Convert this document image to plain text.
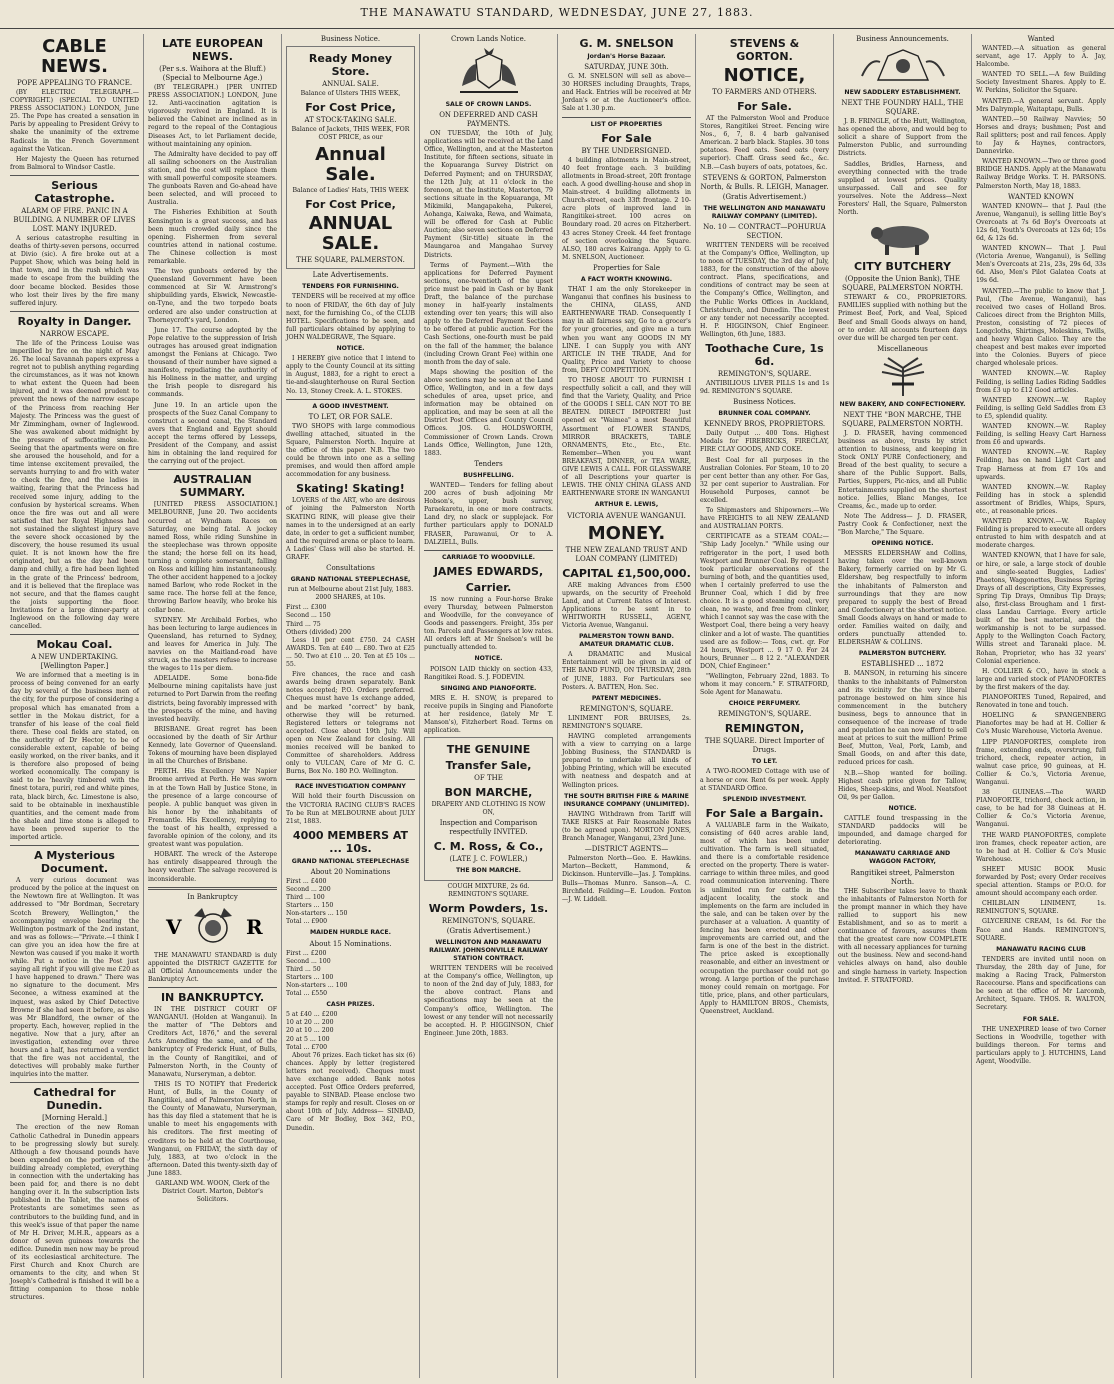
THE MANAWATU STANDARD, WEDNESDAY, JUNE 27, 1883.
CABLE NEWS.
POPE APPEALING TO FRANCE.

(BY ELECTRIC TELEGRAPH.—COPYRIGHT.) (SPECIAL TO UNITED PRESS ASSOCIATION.) LONDON, June 25. The Pope has created a sensation in Paris by appealing to President Grévy to shake the unanimity of the extreme Radicals in the French Government against the Vatican.

Her Majesty the Queen has returned from Balmoral to Windsor Castle.

Serious Catastrophe.
ALARM OF FIRE. PANIC IN A BUILDING. A NUMBER OF LIVES LOST. MANY INJURED.

A serious catastrophe resulting in deaths of thirty-seven persons, occurred at Divio (sic). A fire broke out at a Puppet Show, which was being held in that town, and in the rush which was made to escape from the building the door became blocked. Besides those who lost their lives by the fire many suffered injury.

Royalty in Danger.
NARROW ESCAPE.

The life of the Princess Louise was imperilled by fire on the night of May 26. The local Savannah papers express a regret not to publish anything regarding the circumstances, as it was not known to what extent the Queen had been injured, and it was deemed prudent to prevent the news of the narrow escape of the Princess from reaching Her Majesty. The Princess was the guest of Mr Zimmingham, owner of Inglewood. She was awakened about midnight by the pressure of suffocating smoke. Seeing that the apartments were on fire she aroused the household, and for a time intense excitement prevailed, the servants hurrying to and fro with water to check the fire, and the ladies in waiting, fearing that the Princess had received some injury, adding to the confusion by hysterical screams. When once the fire was out and all were satisfied that her Royal Highness had not sustained the slightest injury save the severe shock occasioned by the discovery, the house resumed its usual quiet. It is not known how the fire originated, but as the day had been damp and chilly, a fire had been lighted in the grate of the Princess' bedroom, and it is believed that the fireplace was not secure, and that the flames caught the joists supporting the floor. Invitations for a large dinner-party at Inglewood on the following day were cancelled.

Mokau Coal.
A NEW UNDERTAKING. [Wellington Paper.]

We are informed that a meeting is in process of being convened for an early day by several of the business men of the city, for the purpose of considering a proposal which has emanated from a settler in the Mokau district, for a transfer of his lease of the coal field there. These coal fields are stated, on the authority of Dr Hector, to be of considerable extent, capable of being easily worked, on the river banks, and it is therefore also proposed of being worked economically. The company is said to be 'heavily timbered with the finest totara, puriri, red and white pines, rata, black birch, &c. Limestone is also, said to be obtainable in inexhaustible quantities, and the cement made from the shale and lime stone is alleged to have been proved superior to the imported article.

A Mysterious Document.

A very curious document was produced by the police at the inquest on the Newtown fire at Wellington. It was addressed to "Mr Bordman, Secretary Scotch Brewery, Wellington," the accompanying envelope bearing the Wellington postmark of the 2nd instant, and was as follows:—"Private.—I think I can give you an idea how the fire at Newton was caused if you make it worth while. Put a notice in the Post just saying all right if you will give me £20 as I have happened to drawn." There was no signature to the document. Mrs Seconee, a witness examined at the inquest, was asked by Chief Detective Browne if she had seen it before, as also was Mr Blandford, the owner of the property. Each, however, replied in the negative. Now that a jury, after an investigation, extending over three hours and a half, has returned a verdict that the fire was not accidental, the detectives will probably make further inquiries into the matter.

Cathedral for Dunedin.
[Morning Herald.]

The erection of the new Roman Catholic Cathedral in Dunedin appears to be progressing slowly but surely. Although a few thousand pounds have been expended on the portion of the building already completed, everything in connection with the undertaking has been paid for, and there is no debt hanging over it. In the subscription lists published in the Tablet, the names of Protestants are sometimes seen as contributors to the building fund, and in this week's issue of that paper the name of Mr H. Driver, M.H.R., appears as a donor of seven guineas towards the edifice. Dunedin men now may be proud of its ecclesiastical architecture. The First Church and Knox Church are ornaments to the city, and when St Joseph's Cathedral is finished it will be a fitting companion to those noble structures.

LATE EUROPEAN NEWS.
(Per s.s. Waihora at the Bluff.) (Special to Melbourne Age.)

(BY TELEGRAPH.) [PER UNITED PRESS ASSOCIATION.] LONDON, June 12. Anti-vaccination agitation is vigorously revived in England. It is believed the Cabinet are inclined as in regard to the repeal of the Contagious Diseases Act, to let Parliament decide, without maintaining any opinion.

The Admiralty have decided to pay off all sailing schooners on the Australian station, and the cost will replace them with small powerful composite steamers. The gunboats Raven and Go-ahead have been selected, and will proceed to Australia.

The Fisheries Exhibition at South Kensington is a great success, and has been much crowded daily since the opening. Fishermen from several countries attend in national costume. The Chinese collection is most remarkable.

The two gunboats ordered by the Queensland Government have been commenced at Sir W. Armstrong's shipbuilding yards, Elswick, Newcastle-on-Tyne, and the two torpedo boats ordered are also under construction at Thorneycroft's yard, London.

June 17. The course adopted by the Pope relative to the suppression of Irish outrages has aroused great indignation amongst the Fenians at Chicago. Two thousand of their number have signed a manifesto, repudiating the authority of his Holiness in the matter, and urging the Irish people to disregard his commands.

June 19. In an article upon the prospects of the Suez Canal Company to construct a second canal, the Standard avers that England and Egypt should accept the terms offered by Lesseps, President of the Company, and assist him in obtaining the land required for the carrying out of the project.

AUSTRALIAN SUMMARY.

[UNITED PRESS ASSOCIATION.] MELBOURNE, June 20. Two accidents occurred at Wyndham Races on Saturday, one being fatal. A jockey named Ross, while riding Sunshine in the steeplechase was thrown opposite the stand; the horse fell on its head, turning a complete somersault, falling on Ross and killing him instantaneously. The other accident happened to a jockey named Barlow, who rode Rocket in the same race. The horse fell at the fence, throwing Barlow heavily, who broke his collar bone.

SYDNEY. Mr Archibald Forbes, who has been lecturing to large audiences in Queensland, has returned to Sydney, and leaves for America in July. The navvies on the Maitland-road have struck, as the masters refuse to increase the wages to 11s per diem.

ADELAIDE. Some bona-fide Melbourne mining capitalists have just returned to Port Darwin from the reefing districts, being favorably impressed with the prospects of the mine, and having invested heavily.

BRISBANE. Great regret has been occasioned by the death of Sir Arthur Kennedy, late Governor of Queensland. Tokens of mourning have been displayed in all the Churches of Brisbane.

PERTH. His Excellency Mr Napier Broome arrived at Perth. He was sworn in at the Town Hall by Justice Stone, in the presence of a large concourse of people. A public banquet was given in his honor by the inhabitants of Fremantle. His Excellency, replying to the toast of his health, expressed a favorable opinion of the colony, and its greatest want was population.

HOBART. The wreck of the Asterope has entirely disappeared through the heavy weather. The salvage recovered is inconsiderable.

In Bankruptcy
V	R

THE MANAWATU STANDARD is duly appointed the DISTRICT GAZETTE for all Official Announcements under the Bankruptcy Act.

IN BANKRUPTCY.

IN THE DISTRICT COURT OF WANGANUI. (Holden at Wanganui). In the matter of "The Debtors and Creditors Act, 1876," and the several Acts Amending the same, and of the bankruptcy of Frederick Hunt, of Bulls, in the County of Rangitikei, and of Palmerston North, in the County of Manawatu, Nurseryman, a debtor.

THIS IS TO NOTIFY that Frederick Hunt, of Bulls, in the County of Rangitikei, and of Palmerston North, in the County of Manawatu, Nurseryman, has this day filed a statement that he is unable to meet his engagements with his creditors. The first meeting of creditors to be held at the Courthouse, Wanganui, on FRIDAY, the sixth day of July, 1883, at two o'clock in the afternoon. Dated this twenty-sixth day of June 1883.

GARLAND WM. WOON, Clerk of the District Court. Marton, Debtor's Solicitors.

Business Notice.
Ready Money Store.
ANNUAL SALE.

Balance of Ulsters THIS WEEK,

For Cost Price,
AT STOCK-TAKING SALE.

Balance of Jackets, THIS WEEK, FOR COST PRICE, as our

Annual Sale.

Balance of Ladies' Hats, THIS WEEK

For Cost Price,
ANNUAL SALE.
THE SQUARE, PALMERSTON.
Late Advertisements.
TENDERS FOR FURNISHING.

TENDERS will be received at my office to noon of FRIDAY, the 6th day of July next, for the furnishing Co., of the CLUB HOTEL. Specifications to be seen, and full particulars obtained by applying to JOHN WALDEGRAVE, The Square.

NOTICE.

I HEREBY give notice that I intend to apply to the County Council at its sitting in August, 1883, for a right to erect a tie-and-slaughterhouse on Rural Section No. 13, Stoney Creek. A. L. STOKES.

A GOOD INVESTMENT.
TO LET, OR FOR SALE.

TWO SHOPS with large commodious dwelling attached, situated in the Square, Palmerston North. Inquire at the office of this paper. N.B. The two could be thrown into one as a selling premises, and would then afford ample accommodation for any business.

Skating! Skating!

LOVERS of the ART, who are desirous of joining the Palmerston North SKATING RINK, will please give their names in to the undersigned at an early date, in order to get a sufficient number, and the required arena or place to learn. A Ladies' Class will also be started. H. GRAFF.

Consultations
GRAND NATIONAL STEEPLECHASE,

run at Melbourne about 21st July, 1883. 2000 SHARES, at 10s.

First ... £300
Second ... 150
Third ... 75
Others (divided) 200

Less 10 per cent £750. 24 CASH AWARDS. Ten at £40 ... £80. Two at £25 ... 50. Two at £10 ... 20. Ten at £5 10s ... 55.

Five chances, the race and cash awards being drawn separately. Bank notes accepted; P.O. Orders preferred. Cheques must have 1s exchange added, and be marked "correct" by bank, otherwise they will be returned. Registered letters or telegrams not accepted. Close about 19th July. Will open on New Zealand for closing. All monies received will be banked to Committee of shareholders. Address only to VULCAN, Care of Mr G. C. Burns, Box No. 180 P.O. Wellington.

RACE INVESTIGATION COMPANY

Will hold their fourth Discussion on the VICTORIA RACING CLUB'S RACES To be Run at MELBOURNE about JULY 21st, 1883.

4000 MEMBERS AT ... 10s.
GRAND NATIONAL STEEPLECHASE
About 20 Nominations
First ... £400
Second ... 200
Third ... 100
Starters ... 150
Non-starters ... 150
Total ... £900
MAIDEN HURDLE RACE.
About 15 Nominations.
First ... £200
Second ... 100
Third ... 50
Starters ... 100
Non-starters ... 100
Total ... £550
CASH PRIZES.
5 at £40 ... £200
10 at 20 ... 200
20 at 10 ... 200
20 at 5 ... 100
Total ... £700

About 76 prizes. Each ticket has six (6) chances. Apply by letter (registered letters not received). Cheques must have exchange added. Bank notes accepted. Post Office Orders preferred, payable to SINBAD. Please enclose two stamps for reply and result. Closes on or about 10th of July. Address— SINBAD, Care of Mr Bodley, Box 342, P.O., Dunedin.

Crown Lands Notice.
SALE OF CROWN LANDS.
ON DEFERRED AND CASH PAYMENTS.

ON TUESDAY, the 10th of July, applications will be received at the Land Office, Wellington, and at the Masterton Institute, for fifteen sections, situate in the Kopuaranga Survey District on Deferred Payment; and on THURSDAY, the 12th July, at 11 o'clock in the forenoon, at the Institute, Masterton, 79 sections situate in the Kopuaranga, Mt Mikimiki, Mangapakeha, Pukerei, Aohanga, Kaiwaka, Rewa, and Waimata, will be offered for Cash at Public Auction; also seven sections on Deferred Payment (Sir-title) situate in the Maungaroa and Mangahao Survey Districts.

Terms of Payment.—With the applications for Deferred Payment sections, one-twentieth of the upset price must be paid in Cash or by Bank Draft, the balance of the purchase money in half-yearly instalments extending over ten years; this will also apply to the Deferred Payment Sections to be offered at public auction. For the Cash Sections, one-fourth must be paid on the fall of the hammer, the balance (including Crown Grant Fee) within one month from the day of sale.

Maps showing the position of the above sections may be seen at the Land Office, Wellington, and in a few days schedules of area, upset price, and information may be obtained on application, and may be seen at all the District Post Offices and County Council Offices. JOS. G. HOLDSWORTH, Commissioner of Crown Lands. Crown Lands Office, Wellington, June 12th, 1883.

Tenders
BUSHFELLING.

WANTED— Tenders for felling about 200 acres of bush adjoining Mr Hobson's, upper, bush survey, Paraekaretu, in one or more contracts. Land dry, no slack or supplejack. For further particulars apply to DONALD FRASER, Parawanui, Or to A. DALZIELL, Bulls.

CARRIAGE TO WOODVILLE.
JAMES EDWARDS,
Carrier.

IS now running a Four-horse Brake every Thursday, between Palmerston and Woodville, for the conveyance of Goods and passengers. Freight, 35s per ton. Parcels and Passengers at low rates. All orders left at Mr Snelson's will be punctually attended to.

NOTICE.

POISON LAID thickly on section 433, Rangitikei Road. S. J. FODEVIN.

SINGING AND PIANOFORTE.

MRS E. H. SNOW, is prepared to receive pupils in Singing and Pianoforte at her residence, (lately Mr T. Manson's), Fitzherbert Road. Terms on application.

THE GENUINE
Transfer Sale,
OF THE
BON MARCHE,

DRAPERY AND CLOTHING IS NOW ON,

Inspection and Comparison respectfully INVITED.
C. M. Ross, & Co.,
(LATE J. C. FOWLER,)
THE BON MARCHE.

COUGH MIXTURE, 2s 6d. REMINGTON'S SQUARE.

Worm Powders, 1s.
REMINGTON'S, SQUARE.
(Gratis Advertisement.)
WELLINGTON AND MANAWATU RAILWAY. JOHNSONVILLE RAILWAY STATION CONTRACT.

WRITTEN TENDERS will be received at the Company's office, Wellington, up to noon of the 2nd day of July, 1883, for the above contract. Plans and specifications may be seen at the Company's office, Wellington. The lowest or any tender will not necessarily be accepted. H. P. HIGGINSON, Chief Engineer. June 20th, 1883.

G. M. SNELSON
Jordan's Horse Bazaar.
SATURDAY, JUNE 30th.

G. M. SNELSON will sell as above— 30 HORSES including Draughts, Traps, and Hack. Entries will be received at Mr Jordan's or at the Auctioneer's office. Sale at 1.30 p.m.

LIST OF PROPERTIES
For Sale
BY THE UNDERSIGNED.

4 building allotments in Main-street, 40 feet frontage each. 3 building allotments in Broad-street, 20ft frontage each. A good dwelling-house and shop in Main-street. 4 building allotments in Church-street, each 33ft frontage. 2 10-acre plots of improved land in Rangitikei-street. 100 acres on Boundary road. 20 acres on Fitzherbert. 43 acres Stoney Creek. 44 feet frontage of section overlooking the Square. ALSO, 180 acres Kairanga. Apply to G. M. SNELSON, Auctioneer.

Properties for Sale
A FACT WORTH KNOWING.

THAT I am the only Storekeeper in Wanganui that confines his business to the CHINA, GLASS, AND EARTHENWARE TRAD. Consequently I may in all fairness say, Go to a grocer's for your groceries, and give me a turn when you want any GOODS IN MY LINE. I can Supply you with ANY ARTICLE IN THE TRADE, And for Quality, Price and Variety to choose from, DEFY COMPETITION.

TO THOSE ABOUT TO FURNISH I respectfully solicit a call, and they will find that the Variety, Quality, and Price of the GOODS I SELL CAN NOT TO BE BEATEN. DIRECT IMPORTER! Just opened ex "Waimea" a most Beautiful Assortment of FLOWER STANDS, MIRROR BRACKETS, TABLE ORNAMENTS, Etc., Etc., Etc. Remember—When you want BREAKFAST, DINNER, or TEA WARE, GIVE LEWIS A CALL. FOR GLASSWARE of all Descriptions your quarter is LEWIS. THE ONLY CHINA GLASS AND EARTHENWARE STORE IN WANGANUI

ARTHUR E. LEWIS,
VICTORIA AVENUE WANGANUI.
MONEY.
THE NEW ZEALAND TRUST AND LOAN COMPANY (LIMITED)
CAPITAL £1,500,000.

ARE making Advances from £500 upwards, on the security of Freehold Land, and at Current Rates of Interest. Applications to be sent in to WHITWORTH RUSSELL, AGENT, Victoria Avenue, Wanganui.

PALMERSTON TOWN BAND. AMATEUR DRAMATIC CLUB.

A DRAMATIC and Musical Entertainment will be given in aid of THE BAND FUND, ON THURSDAY, 28th of JUNE, 1883. For Particulars see Posters. A. BATTEN, Hon. Sec.

PATENT MEDICINES.
REMINGTON'S, SQUARE.

LINIMENT FOR BRUISES, 2s. REMINGTON'S SQUARE.

HAVING completed arrangements with a view to carrying on a large Jobbing Business, the STANDARD is prepared to undertake all kinds of Jobbing Printing, which will be executed with neatness and despatch and at Wellington prices.

THE SOUTH BRITISH FIRE & MARINE INSURANCE COMPANY (UNLIMITED).

HAVING Withdrawn from Tariff will TAKE RISKS at Fair Reasonable Rates (to be agreed upon). MORTON JONES, Branch Manager, Wanganui, 23rd June.

—DISTRICT AGENTS—

Palmerston North—Geo. E. Hawkins. Marton—Beckett, Hammond, & Dickinson. Hunterville—Jas. J. Tompkins. Bulls—Thomas Munro. Sanson—A. C. Birchfield. Feilding—E. Loudon. Foxton—J. W. Liddell.

STEVENS & GORTON.
NOTICE,
TO FARMERS AND OTHERS.
For Sale.

AT the Palmerston Wool and Produce Stores, Rangitikei Street. Fencing wire Nos., 6, 7, 8. 4 barb galvanised American. 2 barb black. Staples. 30 tons potatoes. Feed oats. Seed oats (very superior). Chaff. Grass seed &c., &c. N.B.—Cash buyers of oats, potatoes, &c.

STEVENS & GORTON, Palmerston North, & Bulls. R. LEIGH, Manager.
(Gratis Advertisement.)
THE WELLINGTON AND MANAWATU RAILWAY COMPANY (LIMITED).
No. 10 — CONTRACT—POHURUA SECTION.

WRITTEN TENDERS will be received at the Company's Office, Wellington, up to noon of TUESDAY, the 3rd day of July, 1883, for the construction of the above contract. Plans, specifications, and conditions of contract may be seen at the Company's Office, Wellington, and the Public Works Offices in Auckland, Christchurch, and Dunedin. The lowest or any tender not necessarily accepted. H. P. HIGGINSON, Chief Engineer. Wellington, 6th June, 1883.

Toothache Cure, 1s 6d.
REMINGTON'S, SQUARE.

ANTIBILIOUS LIVER PILLS 1s and 1s 9d. REMINGTON'S SQUARE.

Business Notices.
BRUNNER COAL COMPANY.
KENNEDY BROS, PROPRIETORS.

Daily Output ... 400 Tons. Highest Medals for FIREBRICKS, FIRECLAY, FIRE CLAY GOODS, AND COKE.

Best Coal for all purposes in the Australian Colonies. For Steam, 10 to 20 per cent better than any other. For Gas, 32 per cent superior to Australian. For Household Purposes, cannot be excelled.

To Shipmasters and Shipowners.—We have FREIGHTS to all NEW ZEALAND and AUSTRALIAN PORTS.

CERTIFICATE as a STEAM COAL:— "Ship Lady Jocelyn." "While using our refrigerator in the port, I used both Westport and Brunner Coal. By request I took particular observations of the burning of both, and the quantities used, when I certainly preferred to use the Brunner Coal, which I did by free choice. It is a good steaming coal, very clean, no waste, and free from clinker, which I cannot say was the case with the Westport Coal, there being a very heavy clinker and a lot of waste. The quantities used are as follow:— Tons, cwt. qr. For 24 hours, Westport ... 9 17 0. For 24 hours, Brunner ... 8 12 2. "ALEXANDER DON, Chief Engineer."

"Wellington, February 22nd, 1883. To whom it may concern." F. STRATFORD, Sole Agent for Manawatu.

CHOICE PERFUMERY.
REMINGTON'S, SQUARE.
REMINGTON,
THE SQUARE. Direct Importer of Drugs.
TO LET.

A TWO-ROOMED Cottage with use of a horse or cow. Rent 6s per week. Apply at STANDARD Office.

SPLENDID INVESTMENT.
For Sale a Bargain.

A VALUABLE farm in the Waikato, consisting of 640 acres arable land, most of which has been under cultivation. The farm is well situated, and there is a comfortable residence erected on the property. There is water-carriage to within three miles, and good road communication intervening. There is unlimited run for cattle in the adjacent locality, the stock and implements on the farm are included in the sale, and can be taken over by the purchaser at a valuation. A quantity of fencing has been erected and other improvements are carried out, and the farm is one of the best in the district. The price asked is exceptionally reasonable, and either an investment or occupation the purchaser could not go wrong. A large portion of the purchase money could remain on mortgage. For title, price, plans, and other particulars, Apply to HAMILTON BROS., Chemists, Queenstreet, Auckland.

Business Announcements.
NEW SADDLERY ESTABLISHMENT.
NEXT THE FOUNDRY HALL, THE SQUARE.

J. B. FRINGLE, of the Hutt, Wellington, has opened the above, and would beg to solicit a share of Support from the Palmerston Public, and surrounding Districts.

Saddles, Bridles, Harness, and everything connected with the trade supplied at lowest prices. Quality unsurpassed. Call and see for yourselves. Note the Address—Next Foresters' Hall, the Square, Palmerston North.

CITY BUTCHERY
(Opposite the Union Bank), THE SQUARE, PALMERSTON NORTH.

STEWART & CO., PROPRIETORS. FAMILIES supplied with nothing but the Primest Beef, Pork, and Veal, Spiced Beef and Small Goods always on hand, or to order. All accounts fourteen days over due will be charged ten per cent.

Miscellaneous
NEW BAKERY, AND CONFECTIONERY.
NEXT THE "BON MARCHE, THE SQUARE, PALMERSTON NORTH.

J. D. FRASER, having commenced business as above, trusts by strict attention to business, and keeping in Stock ONLY PURE Confectionery, and Bread of the best quality, to secure a share of the Public Support. Balls, Parties, Suppers, Pic-nics, and all Public Entertainments supplied on the shortest notice. Jellies, Blanc Manges, Ice Creams, &c., made up to order.

Note The Address— J. D. FRASER, Pastry Cook & Confectioner, next the "Bon Marche," The Square.

OPENING NOTICE.

MESSRS ELDERSHAW and Collins, having taken over the well-known Bakery, formerly carried on by Mr G. Eldershaw, beg respectfully to inform the inhabitants of Palmerston and surroundings that they are now prepared to supply the best of Bread and Confectionery at the shortest notice. Small Goods always on hand or made to order. Families waited on daily, and orders punctually attended to. ELDERSHAW & COLLINS.

PALMERSTON BUTCHERY.
ESTABLISHED ... 1872

B. MANSON, in returning his sincere thanks to the inhabitants of Palmerston and its vicinity for the very liberal patronage bestowed on him since his commencement in the butchery business, begs to announce that in consequence of the increase of trade and population he can now afford to sell meat at prices to suit the million! Prime Beef, Mutton, Veal, Pork, Lamb, and Small Goods, on and after this date, reduced prices for cash.

N.B.—Shop wanted for boiling. Highest cash price given for Tallow, Hides, Sheep-skins, and Wool. Neatsfoot Oil, 9s per Gallon.

NOTICE.

CATTLE found trespassing in the STANDARD paddocks will be impounded, and damage charged for deteriorating.

MANAWATU CARRIAGE AND WAGGON FACTORY,
Rangitikei street, Palmerston North.

THE Subscriber takes leave to thank the inhabitants of Palmerston North for the prompt manner in which they have rallied to support his new Establishment, and so as to merit a continuance of favours, assures them that the greatest care now COMPLETE with all necessary appliances for turning out the business. New and second-hand vehicles always on hand, also double and single harness in variety. Inspection Invited. F. STRATFORD.

Wanted

WANTED.—A situation as general servant, age 17. Apply to A. Jay, Halcombe.

WANTED TO SELL.—A few Building Society Investment Shares. Apply to E. W. Perkins, Solicitor the Square.

WANTED.—A general servant. Apply Mrs Dalrymple, Waitaptapu, Bulls.

WANTED.—50 Railway Navvies; 50 Horses and drays; bushmen; Post and Rail splitters; post and rail fences. Apply to Jay & Haynes, contractors, Dannevirke.

WANTED KNOWN.—Two or three good BRIDGE HANDS. Apply at the Manawatu Railway Bridge Works. T. H. PARSONS. Palmerston North, May 18, 1883.

WANTED KNOWN

WANTED KNOWN— that J. Paul (the Avenue, Wanganui), is selling little Boy's Overcoats at 7s 6d Boy's Overcoats at 12s 6d, Youth's Overcoats at 12s 6d; 15s 6d, & 12s 6d.

WANTED KNOWN— That J. Paul (Victoria Avenue, Wanganui), is Selling Men's Overcoats at 21s, 23s, 29s 6d, 33s 6d. Also, Men's Pilot Galatea Coats at 19s 6d.

WANTED.—The public to know that J. Paul, (The Avenue, Wanganui), has received two cases of Holland Bros. Calicoes direct from the Brighton Mills, Preston, consisting of 72 pieces of Longcloths, Shirtings, Moleskins, Twills, and heavy Wigan Calico. They are the cheapest and best makes ever imported into the Colonies. Buyers of piece charged wholesale prices.

WANTED KNOWN.—W. Rapley Feilding, is selling Ladies Riding Saddles from £3 up to £12 Good articles.

WANTED KNOWN.—W. Rapley Feilding, is selling Geld Saddles from £3 to £5, splendid quality.

WANTED KNOWN.—W. Rapley Feilding, is selling Heavy Cart Harness from £6 and upwards.

WANTED KNOWN.—W. Rapley Feilding, has on hand Light Cart and Trap Harness at from £7 10s and upwards.

WANTED KNOWN.—W. Rapley Feilding has in stock a splendid assortment of Bridles, Whips, Spurs, etc., at reasonable prices.

WANTED KNOWN.—W. Rapley Feilding is prepared to execute all orders entrusted to him with despatch and at moderate charges.

WANTED KNOWN, that I have for sale, or hire, or sale, a large stock of double and single-seated Buggies, Ladies' Phaetons, Waggonettes, Business Spring Drays of all descriptions, City Expresses, Spring Tip Drays, Omnibus Tip Drays; also, first-class Brougham and 1 first-class Landau Carriage. Every article built of the best material, and the workmanship is not to be surpassed. Apply to the Wellington Coach Factory, Willis street and Taranaki place. M. Rohan, Proprietor, who has 32 years' Colonial experience.

H. COLLIER & CO., have in stock a large and varied stock of PIANOFORTES by the first makers of the day.

PIANOFORTES Tuned, Repaired, and Renovated in tone and touch.

HOELING & SPANGENBERG Pianofortes may be had at H. Collier & Co's Music Warehouse, Victoria Avenue.

LIPP PIANOFORTES, complete iron frame, extending ends, overstrung, full trichord, check, repeater action, in walnut case price, 90 guineas, at H. Collier & Co.'s, Victoria Avenue, Wanganui.

38 GUINEAS.—The WARD PIANOFORTE, trichord, check action, in case, to be had for 38 Guineas at H. Collier & Co.'s Victoria Avenue, Wanganui.

THE WARD PIANOFORTES, complete iron frames, check repeater action, are to be had at H. Collier & Co's Music Warehouse.

SHEET MUSIC BOOK Music forwarded by Post; every Order receives special attention. Stamps or P.O.O. for amount should accompany each order.

CHILBLAIN LINIMENT, 1s. REMINGTON'S, SQUARE.

GLYCERINE CREAM, 1s 6d. For the Face and Hands. REMINGTON'S, SQUARE.

MANAWATU RACING CLUB

TENDERS are invited until noon on Thursday, the 28th day of June, for making a Racing Track, Palmerston Racecourse. Plans and specifications can be seen at the office of Mr Larcomb, Architect, Square. THOS. R. WALTON, Secretary.

FOR SALE.

THE UNEXPIRED lease of two Corner Sections in Woodville, together with buildings thereon. For terms and particulars apply to J. HUTCHINS, Land Agent, Woodville.
